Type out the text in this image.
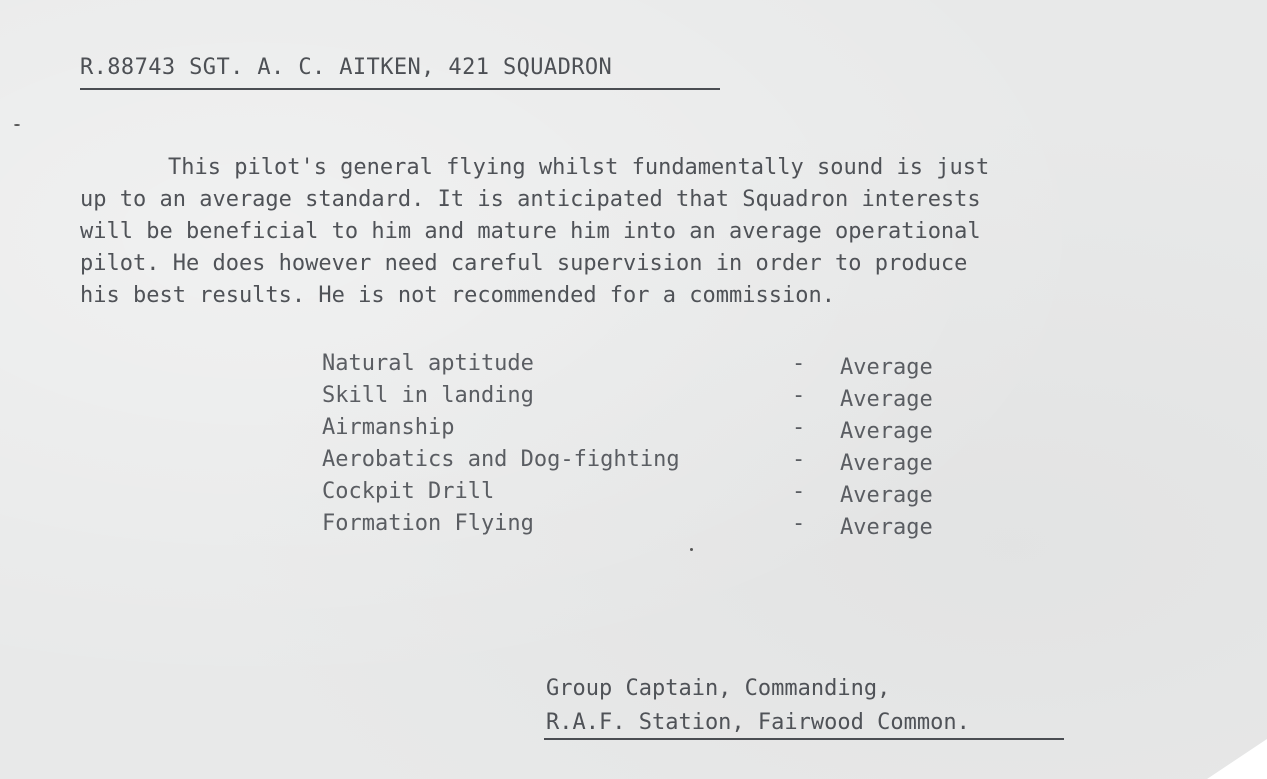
R.88743 SGT. A. C. AITKEN, 421 SQUADRON
This pilot's general flying whilst fundamentally sound is just
up to an average standard. It is anticipated that Squadron interests
will be beneficial to him and mature him into an average operational
pilot. He does however need careful supervision in order to produce
his best results. He is not recommended for a commission.
Natural aptitude	- Average
Skill in landing	- Average
Airmanship	- Average
Aerobatics and Dog-fighting	- Average
Cockpit Drill	- Average
Formation Flying	- Average
Group Captain, Commanding,
R.A.F. Station, Fairwood Common.
